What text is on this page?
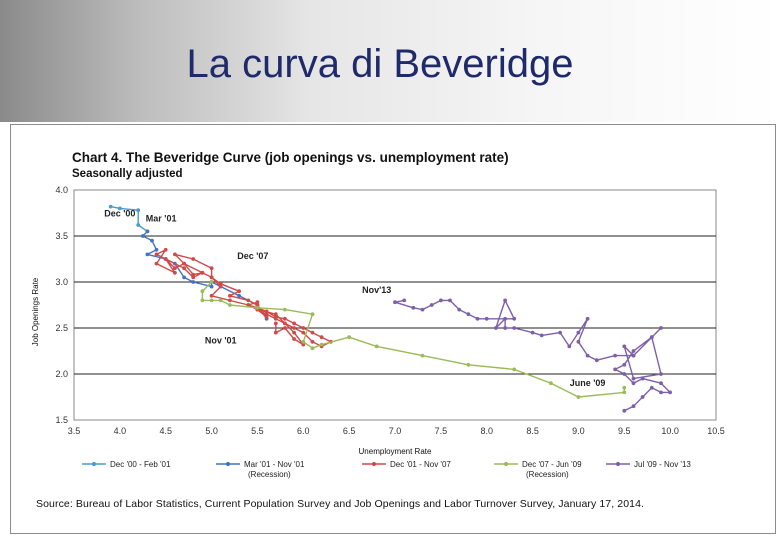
La curva di Beveridge
Chart 4. The Beveridge Curve (job openings vs. unemployment rate)
Seasonally adjusted
1.5
2.0
2.5
3.0
3.5
4.0
3.5	4.0	4.5	5.0	5.5	6.0	6.5	7.0	7.5	8.0	8.5	9.0	9.5	10.0	10.5
Unemployment Rate
Job Openings Rate
Dec '00 Mar '01
Dec '07
Nov '01
Nov'13
June '09
Dec '00 - Feb '01	Mar '01 - Nov '01
(Recession)
Dec '01 - Nov '07	Dec '07 - Jun '09
(Recession)
Jul '09 - Nov '13
Source: Bureau of Labor Statistics, Current Population Survey and Job Openings and Labor Turnover Survey, January 17, 2014.
